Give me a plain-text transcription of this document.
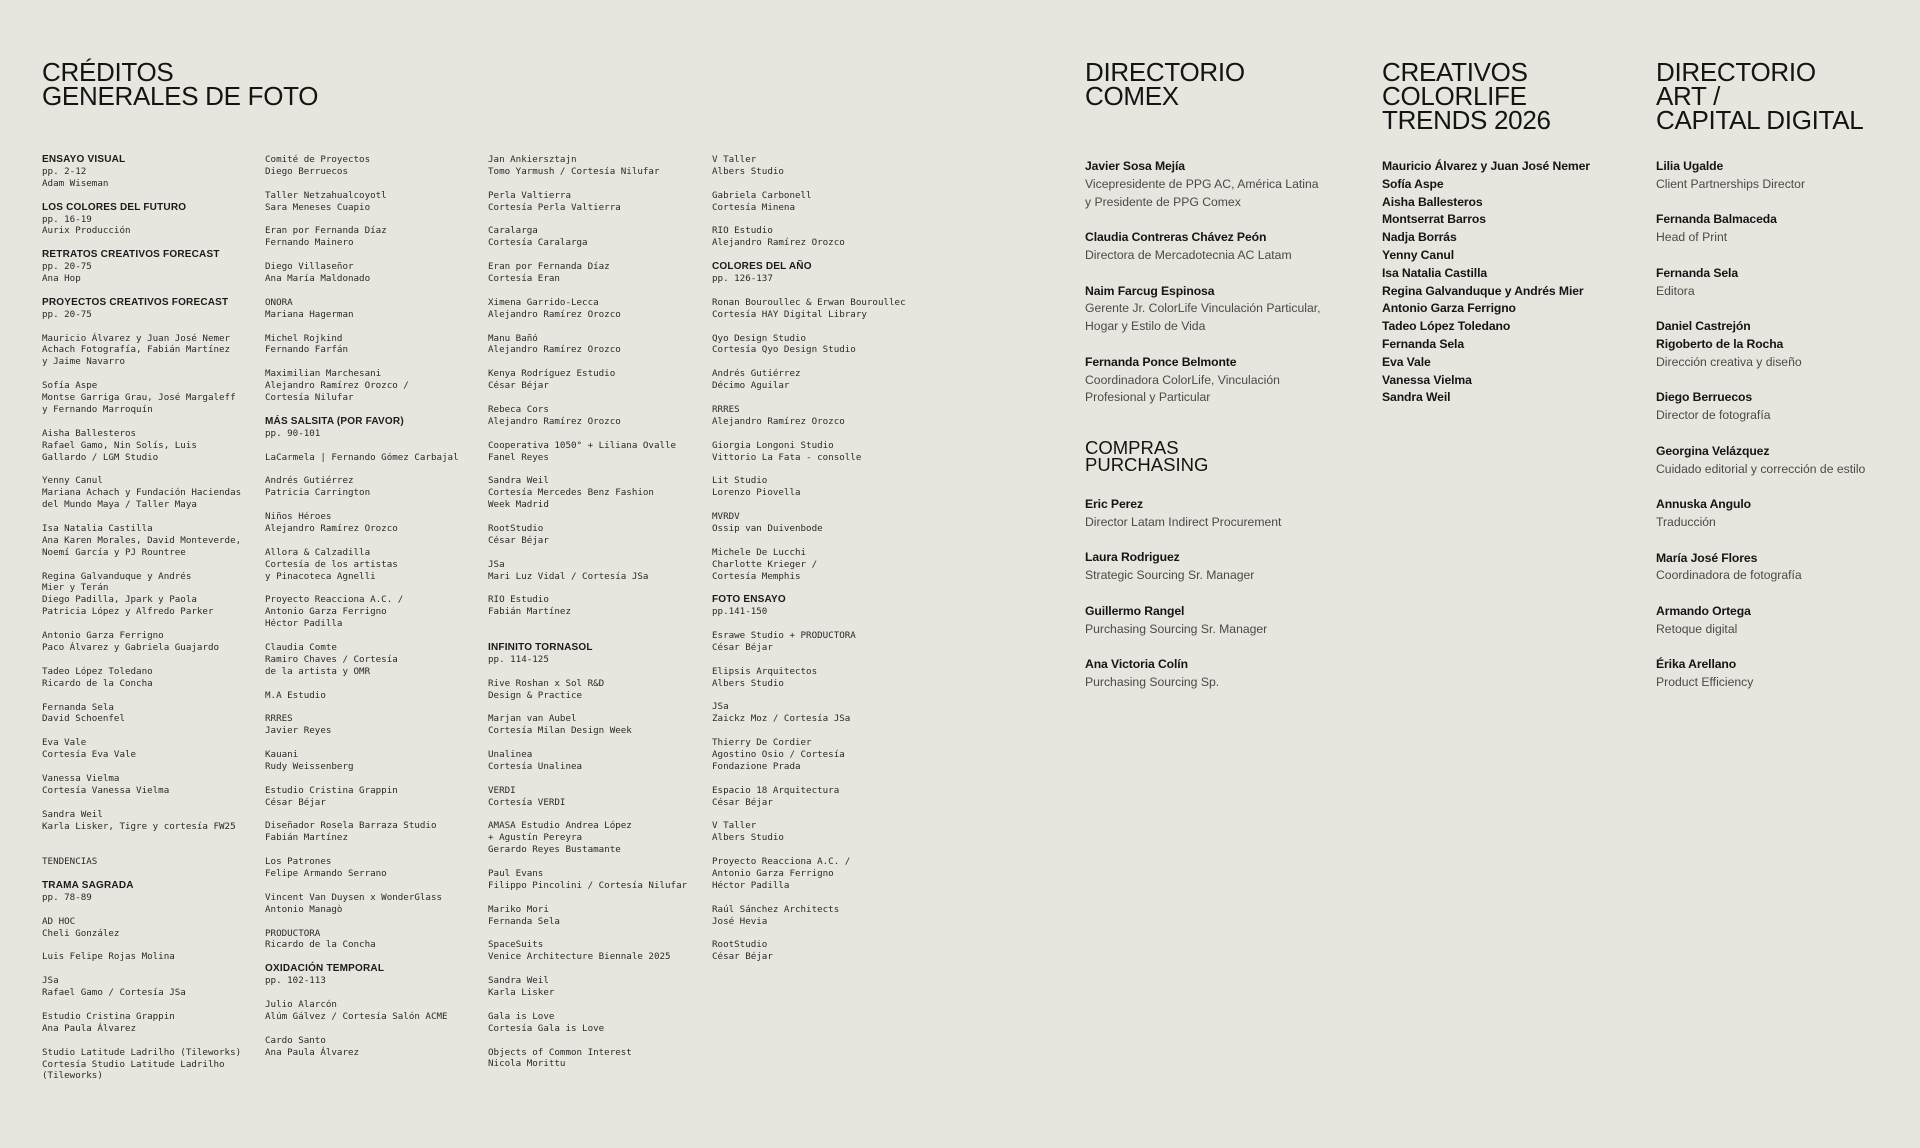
CRÉDITOS
GENERALES DE FOTO
ENSAYO VISUAL
pp. 2-12
Adam Wiseman
LOS COLORES DEL FUTURO
pp. 16-19
Aurix Producción
RETRATOS CREATIVOS FORECAST
pp. 20-75
Ana Hop
PROYECTOS CREATIVOS FORECAST
pp. 20-75
Mauricio Álvarez y Juan José Nemer
Achach Fotografía, Fabián Martínez
y Jaime Navarro
Sofía Aspe
Montse Garriga Grau, José Margaleff
y Fernando Marroquín
Aisha Ballesteros
Rafael Gamo, Nin Solís, Luis
Gallardo / LGM Studio
Yenny Canul
Mariana Achach y Fundación Haciendas
del Mundo Maya / Taller Maya
Isa Natalia Castilla
Ana Karen Morales, David Monteverde,
Noemí García y PJ Rountree
Regina Galvanduque y Andrés
Mier y Terán
Diego Padilla, Jpark y Paola
Patricia López y Alfredo Parker
Antonio Garza Ferrigno
Paco Álvarez y Gabriela Guajardo
Tadeo López Toledano
Ricardo de la Concha
Fernanda Sela
David Schoenfel
Eva Vale
Cortesía Eva Vale
Vanessa Vielma
Cortesía Vanessa Vielma
Sandra Weil
Karla Lisker, Tigre y cortesía FW25
TENDENCIAS
TRAMA SAGRADA
pp. 78-89
AD HOC
Cheli González
Luis Felipe Rojas Molina
JSa
Rafael Gamo / Cortesía JSa
Estudio Cristina Grappin
Ana Paula Álvarez
Studio Latitude Ladrilho (Tileworks)
Cortesía Studio Latitude Ladrilho
(Tileworks)
Comité de Proyectos
Diego Berruecos
Taller Netzahualcoyotl
Sara Meneses Cuapio
Eran por Fernanda Díaz
Fernando Mainero
Diego Villaseñor
Ana María Maldonado
ONORA
Mariana Hagerman
Michel Rojkind
Fernando Farfán
Maximilian Marchesani
Alejandro Ramírez Orozco /
Cortesía Nilufar
MÁS SALSITA (POR FAVOR)
pp. 90-101
LaCarmela | Fernando Gómez Carbajal
Andrés Gutiérrez
Patricia Carrington
Niños Héroes
Alejandro Ramírez Orozco
Allora & Calzadilla
Cortesía de los artistas
y Pinacoteca Agnelli
Proyecto Reacciona A.C. /
Antonio Garza Ferrigno
Héctor Padilla
Claudia Comte
Ramiro Chaves / Cortesía
de la artista y OMR
M.A Estudio
RRRES
Javier Reyes
Kauani
Rudy Weissenberg
Estudio Cristina Grappin
César Béjar
Diseñador Rosela Barraza Studio
Fabián Martínez
Los Patrones
Felipe Armando Serrano
Vincent Van Duysen x WonderGlass
Antonio Managò
PRODUCTORA
Ricardo de la Concha
OXIDACIÓN TEMPORAL
pp. 102-113
Julio Alarcón
Alúm Gálvez / Cortesía Salón ACME
Cardo Santo
Ana Paula Álvarez
Jan Ankiersztajn
Tomo Yarmush / Cortesía Nilufar
Perla Valtierra
Cortesía Perla Valtierra
Caralarga
Cortesía Caralarga
Eran por Fernanda Díaz
Cortesía Eran
Ximena Garrido-Lecca
Alejandro Ramírez Orozco
Manu Bañó
Alejandro Ramírez Orozco
Kenya Rodríguez Estudio
César Béjar
Rebeca Cors
Alejandro Ramírez Orozco
Cooperativa 1050° + Liliana Ovalle
Fanel Reyes
Sandra Weil
Cortesía Mercedes Benz Fashion
Week Madrid
RootStudio
César Béjar
JSa
Mari Luz Vidal / Cortesía JSa
RIO Estudio
Fabián Martínez
INFINITO TORNASOL
pp. 114-125
Rive Roshan x Sol R&D
Design & Practice
Marjan van Aubel
Cortesía Milan Design Week
Unalinea
Cortesía Unalinea
VERDI
Cortesía VERDI
AMASA Estudio Andrea López
+ Agustín Pereyra
Gerardo Reyes Bustamante
Paul Evans
Filippo Pincolini / Cortesía Nilufar
Mariko Mori
Fernanda Sela
SpaceSuits
Venice Architecture Biennale 2025
Sandra Weil
Karla Lisker
Gala is Love
Cortesía Gala is Love
Objects of Common Interest
Nicola Morittu
V Taller
Albers Studio
Gabriela Carbonell
Cortesía Minena
RIO Estudio
Alejandro Ramírez Orozco
COLORES DEL AÑO
pp. 126-137
Ronan Bouroullec & Erwan Bouroullec
Cortesía HAY Digital Library
Qyo Design Studio
Cortesía Qyo Design Studio
Andrés Gutiérrez
Décimo Aguilar
RRRES
Alejandro Ramírez Orozco
Giorgia Longoni Studio
Vittorio La Fata - consolle
Lit Studio
Lorenzo Piovella
MVRDV
Ossip van Duivenbode
Michele De Lucchi
Charlotte Krieger /
Cortesía Memphis
FOTO ENSAYO
pp.141-150
Esrawe Studio + PRODUCTORA
César Béjar
Elipsis Arquitectos
Albers Studio
JSa
Zaickz Moz / Cortesía JSa
Thierry De Cordier
Agostino Osio / Cortesía
Fondazione Prada
Espacio 18 Arquitectura
César Béjar
V Taller
Albers Studio
Proyecto Reacciona A.C. /
Antonio Garza Ferrigno
Héctor Padilla
Raúl Sánchez Architects
José Hevia
RootStudio
César Béjar
DIRECTORIO
COMEX
Javier Sosa Mejía
Vicepresidente de PPG AC, América Latina
y Presidente de PPG Comex
Claudia Contreras Chávez Peón
Directora de Mercadotecnia AC Latam
Naim Farcug Espinosa
Gerente Jr. ColorLife Vinculación Particular,
Hogar y Estilo de Vida
Fernanda Ponce Belmonte
Coordinadora ColorLife, Vinculación
Profesional y Particular
COMPRAS
PURCHASING
Eric Perez
Director Latam Indirect Procurement
Laura Rodriguez
Strategic Sourcing Sr. Manager
Guillermo Rangel
Purchasing Sourcing Sr. Manager
Ana Victoria Colín
Purchasing Sourcing Sp.
CREATIVOS
COLORLIFE
TRENDS 2026
Mauricio Álvarez y Juan José Nemer
Sofía Aspe
Aisha Ballesteros
Montserrat Barros
Nadja Borrás
Yenny Canul
Isa Natalia Castilla
Regina Galvanduque y Andrés Mier
Antonio Garza Ferrigno
Tadeo López Toledano
Fernanda Sela
Eva Vale
Vanessa Vielma
Sandra Weil
DIRECTORIO
ART /
CAPITAL DIGITAL
Lilia Ugalde
Client Partnerships Director
Fernanda Balmaceda
Head of Print
Fernanda Sela
Editora
Daniel Castrejón
Rigoberto de la Rocha
Dirección creativa y diseño
Diego Berruecos
Director de fotografía
Georgina Velázquez
Cuidado editorial y corrección de estilo
Annuska Angulo
Traducción
María José Flores
Coordinadora de fotografía
Armando Ortega
Retoque digital
Érika Arellano
Product Efficiency
